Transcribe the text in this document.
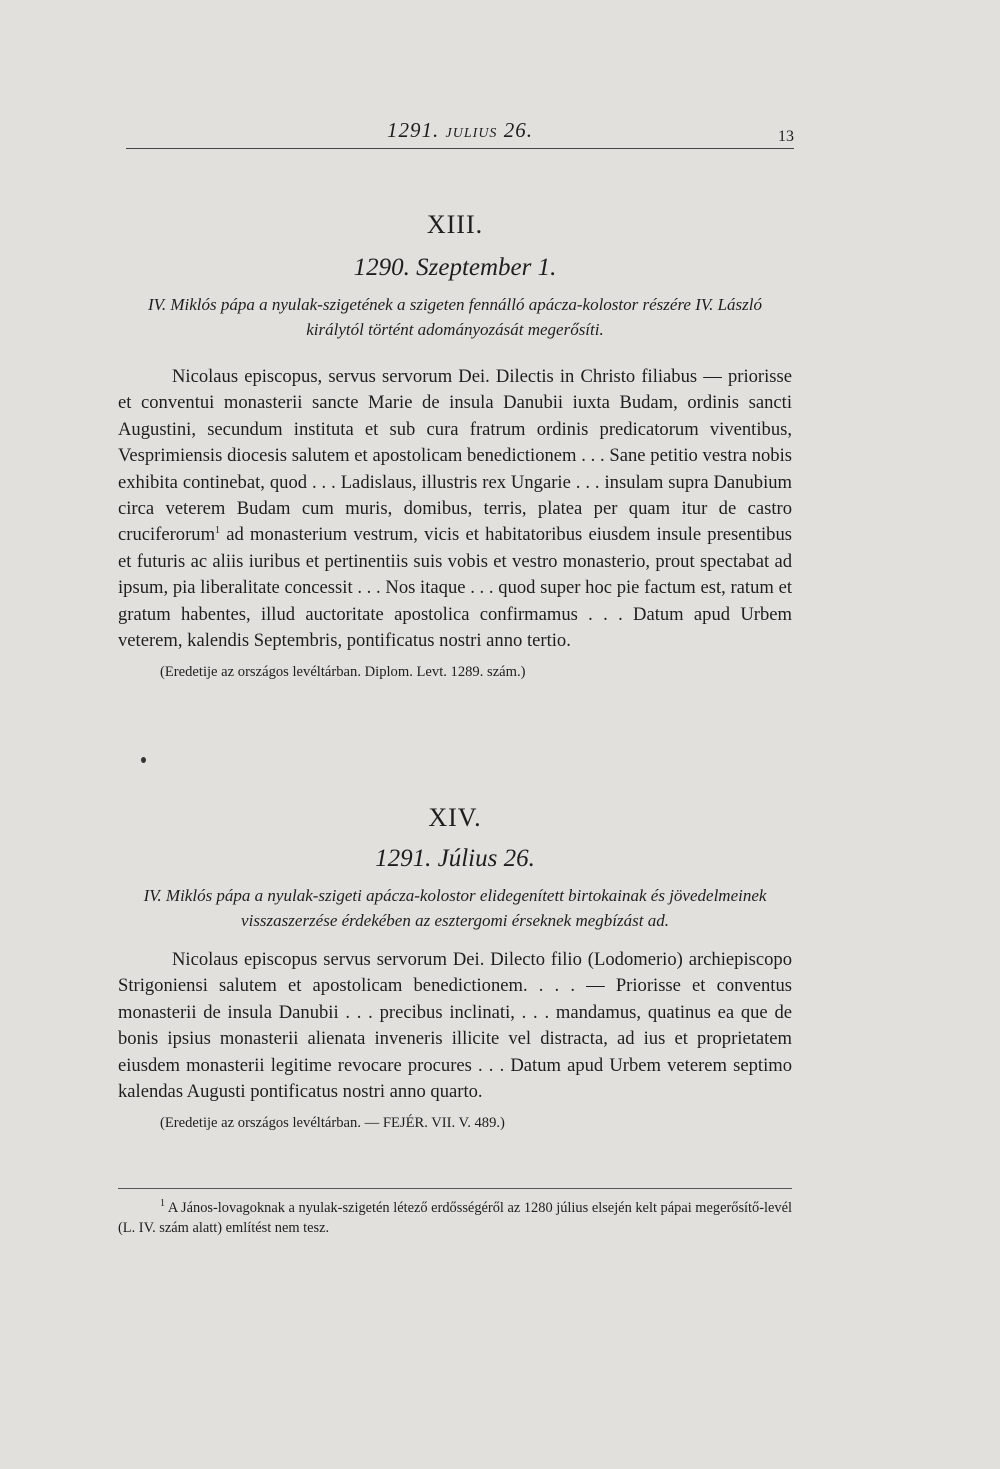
1291. JULIUS 26.	13
XIII.
1290. Szeptember 1.
IV. Miklós pápa a nyulak-szigetének a szigeten fennálló apácza-kolostor részére IV. László királytól történt adományozását megerősíti.

Nicolaus episcopus, servus servorum Dei. Dilectis in Christo filiabus — priorisse et conventui monasterii sancte Marie de insula Danubii iuxta Budam, ordinis sancti Augustini, secundum instituta et sub cura fratrum ordinis predicatorum viventibus, Vesprimiensis diocesis salutem et apostolicam benedictionem . . . Sane petitio vestra nobis exhibita continebat, quod . . . Ladislaus, illustris rex Ungarie . . . insulam supra Danubium circa veterem Budam cum muris, domibus, terris, platea per quam itur de castro cruciferorum$^1$ ad monasterium vestrum, vicis et habitatoribus eiusdem insule presentibus et futuris ac aliis iuribus et pertinentiis suis vobis et vestro monasterio, prout spectabat ad ipsum, pia liberalitate concessit . . . Nos itaque . . . quod super hoc pie factum est, ratum et gratum habentes, illud auctoritate apostolica confirmamus . . . Datum apud Urbem veterem, kalendis Septembris, pontificatus nostri anno tertio.

(Eredetije az országos levéltárban. Diplom. Levt. 1289. szám.)
XIV.
1291. Július 26.
IV. Miklós pápa a nyulak-szigeti apácza-kolostor elidegenített birtokainak és jövedelmeinek visszaszerzése érdekében az esztergomi érseknek megbízást ad.

Nicolaus episcopus servus servorum Dei. Dilecto filio (Lodomerio) archiepiscopo Strigoniensi salutem et apostolicam benedictionem. . . . — Priorisse et conventus monasterii de insula Danubii . . . precibus inclinati, . . . mandamus, quatinus ea que de bonis ipsius monasterii alienata inveneris illicite vel distracta, ad ius et proprietatem eiusdem monasterii legitime revocare procures . . . Datum apud Urbem veterem septimo kalendas Augusti pontificatus nostri anno quarto.

(Eredetije az országos levéltárban. — FEJÉR. VII. V. 489.)
$^1$ A János-lovagoknak a nyulak-szigetén létező erdősségéről az 1280 július elsején kelt pápai megerősítő-levél (L. IV. szám alatt) említést nem tesz.
